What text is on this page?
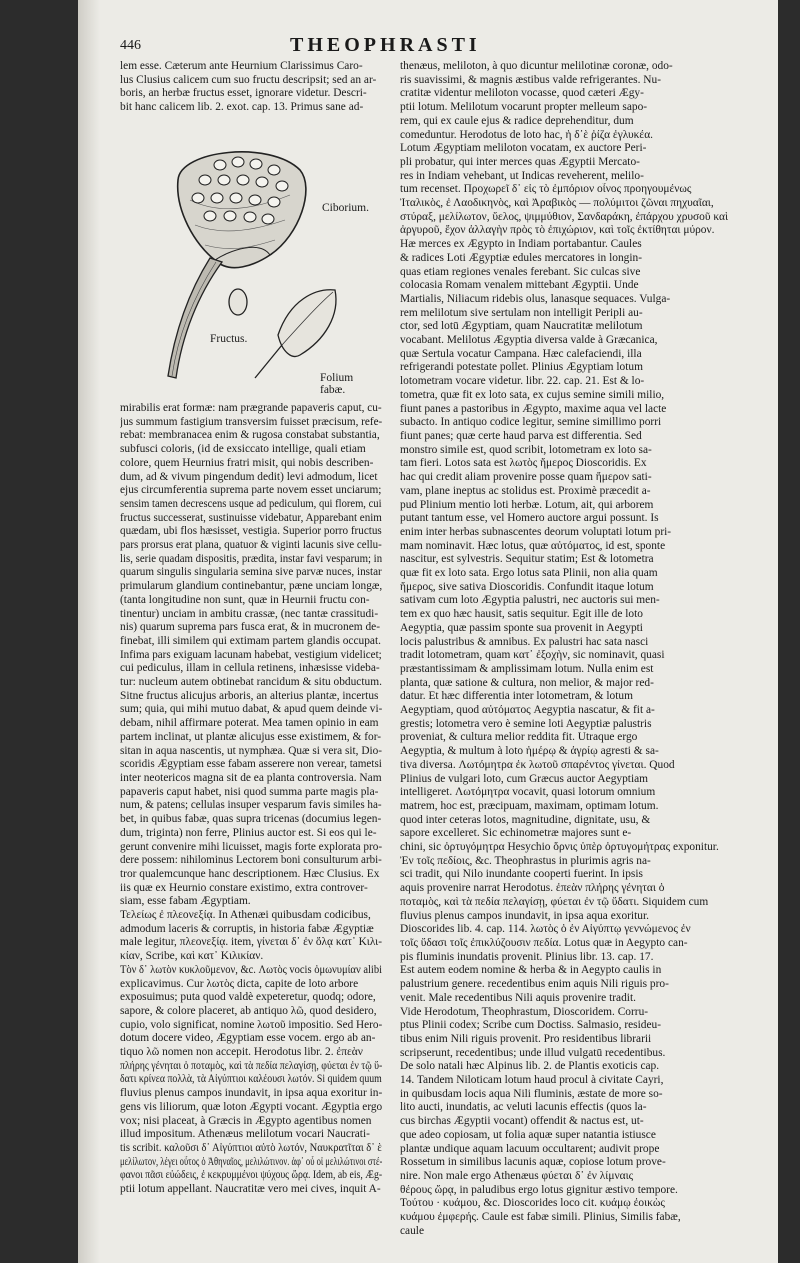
446	THEOPHRASTI
lem esse. Cæterum ante Heurnium Clarissimus Caro-
lus Clusius calicem cum suo fructu descripsit; sed an ar-
boris, an herbæ fructus esset, ignorare videtur. Descri-
bit hanc calicem lib. 2. exot. cap. 13. Primus sane ad-
Ciborium.
Fructus.
Folium fabæ.
mirabilis erat formæ: nam prægrande papaveris caput, cu-
jus summum fastigium transversim fuisset præcisum, refe-
rebat: membranacea enim & rugosa constabat substantia,
subfusci coloris, (id de exsiccato intellige, quali etiam
colore, quem Heurnius fratri misit, qui nobis describen-
dum, ad & vivum pingendum dedit) levi admodum, licet
ejus circumferentia suprema parte novem esset unciarum;
sensim tamen decrescens usque ad pediculum, qui florem, cui
fructus successerat, sustinuisse videbatur, Apparebant enim
quædam, ubi flos hæsisset, vestigia. Superior porro fructus
pars prorsus erat plana, quatuor & viginti lacunis sive cellu-
lis, serie quadam dispositis, prædita, instar favi vesparum; in
quarum singulis singularia semina sive parvæ nuces, instar
primularum glandium continebantur, pæne unciam longæ,
(tanta longitudine non sunt, quæ in Heurnii fructu con-
tinentur) unciam in ambitu crassæ, (nec tantæ crassitudi-
nis) quarum suprema pars fusca erat, & in mucronem de-
finebat, illi similem qui extimam partem glandis occupat.
Infima pars exiguam lacunam habebat, vestigium videlicet;
cui pediculus, illam in cellula retinens, inhæsisse videba-
tur: nucleum autem obtinebat rancidum & situ obductum.
Sitne fructus alicujus arboris, an alterius plantæ, incertus
sum; quia, qui mihi mutuo dabat, & apud quem deinde vi-
debam, nihil affirmare poterat. Mea tamen opinio in eam
partem inclinat, ut plantæ alicujus esse existimem, & for-
sitan in aqua nascentis, ut nymphæa. Quæ si vera sit, Dio-
scoridis Ægyptiam esse fabam asserere non verear, tametsi
inter neotericos magna sit de ea planta controversia. Nam
papaveris caput habet, nisi quod summa parte magis pla-
num, & patens; cellulas insuper vesparum favis similes ha-
bet, in quibus fabæ, quas supra tricenas (documius legen-
dum, triginta) non ferre, Plinius auctor est. Si eos qui le-
gerunt convenire mihi licuisset, magis forte explorata pro-
dere possem: nihilominus Lectorem boni consulturum arbi-
tror qualemcunque hanc descriptionem. Hæc Clusius. Ex
iis quæ ex Heurnio constare existimo, extra controver-
siam, esse fabam Ægyptiam.
Τελείως ἐ πλεονεξίᾳ. In Athenæi quibusdam codicibus,
admodum laceris & corruptis, in historia fabæ Ægyptiæ
male legitur, πλεονεξίᾳ. item, γίνεται δ᾽ ἐν ὅλᾳ κατ᾽ Κιλι-
κίαν, Scribe, καὶ κατ᾽ Κιλικίαν.
Τὸν δ᾽ λωτὸν κυκλοῦμενον, &c. Λωτὸς vocis ὁμωνυμίαν alibi
explicavimus. Cur λωτὸς dicta, capite de loto arbore
exposuimus; puta quod valdè expeteretur, quodq; odore,
sapore, & colore placeret, ab antiquo λῶ, quod desidero,
cupio, volo significat, nomine λωτοῦ impositio. Sed Hero-
dotum docere video, Ægyptiam esse vocem. ergo ab an-
tiquo λῶ nomen non accepit. Herodotus libr. 2. ἐπεὰν
πλήρης γένηται ὁ ποταμὸς, καὶ τὰ πεδία πελαγίσῃ, φύεται ἐν τῷ ὕ-
δατι κρίνεα πολλὰ, τὰ Αἰγύπτιοι καλέουσι λωτόν. Si quidem quum
fluvius plenus campos inundavit, in ipsa aqua exoritur in-
gens vis liliorum, quæ loton Ægypti vocant. Ægyptia ergo
vox; nisi placeat, à Græcis in Ægypto agentibus nomen
illud impositum. Athenæus melilotum vocari Naucrati-
tis scribit. καλοῦσι δ᾽ Αἰγύπτιοι αὐτὸ λωτόν, Ναυκρατῖται δ᾽ ὲ
μελίλωτον, λέγει οὗτος ὁ Ἀθηναῖος, μελιλώτινον. ἀφ᾽ οὗ οἱ μελιλώτινοι στέ-
φανοι πᾶσι εὐώδεις, ἐ κεκρυμμένοι ψύχους ὥρᾳ. Idem, ab eis, Æg-
ptii lotum appellant. Naucratitæ vero mei cives, inquit A-
thenæus, meliloton, à quo dicuntur melilotinæ coronæ, odo-
ris suavissimi, & magnis æstibus valde refrigerantes. Nu-
cratitæ videntur meliloton vocasse, quod cæteri Ægy-
ptii lotum. Melilotum vocarunt propter melleum sapo-
rem, qui ex caule ejus & radice deprehenditur, dum
comeduntur. Herodotus de loto hac, ἡ δ᾽ὲ ῥίζα ἐγλυκέα.
Lotum Ægyptiam meliloton vocatam, ex auctore Peri-
pli probatur, qui inter merces quas Ægyptii Mercato-
res in Indiam vehebant, ut Indicas reveherent, melilo-
tum recenset. Προχωρεῖ δ᾽ εἰς τὸ ἐμπόριον οἶνος προηγουμένως
Ἰταλικὸς, ἐ Λαοδικηνὸς, καὶ Ἀραβικὸς — πολύμιτοι ζῶναι πηχυαῖαι,
στύραξ, μελίλωτον, ὕελος, ψιμμύθιον, Σανδαράκη, ἐπάρχου χρυσοῦ καὶ
ἀργυροῦ, ἔχον ἀλλαγὴν πρὸς τὸ ἐπιχώριον, καὶ τοῖς ἐκτίθηται μύρον.
Hæ merces ex Ægypto in Indiam portabantur. Caules
& radices Loti Ægyptiæ edules mercatores in longin-
quas etiam regiones venales ferebant. Sic culcas sive
colocasia Romam venalem mittebant Ægyptii. Unde
Martialis, Niliacum ridebis olus, lanasque sequaces. Vulga-
rem melilotum sive sertulam non intelligit Peripli au-
ctor, sed lotū Ægyptiam, quam Naucratitæ melilotum
vocabant. Melilotus Ægyptia diversa valde à Græcanica,
quæ Sertula vocatur Campana. Hæc calefaciendi, illa
refrigerandi potestate pollet. Plinius Ægyptiam lotum
lotometram vocare videtur. libr. 22. cap. 21. Est & lo-
tometra, quæ fit ex loto sata, ex cujus semine simili milio,
fiunt panes a pastoribus in Ægypto, maxime aqua vel lacte
subacto. In antiquo codice legitur, semine simillimo porri
fiunt panes; quæ certe haud parva est differentia. Sed
monstro simile est, quod scribit, lotometram ex loto sa-
tam fieri. Lotos sata est λωτὸς ἥμερος Dioscoridis. Ex
hac qui credit aliam provenire posse quam ἥμερον sati-
vam, plane ineptus ac stolidus est. Proximè præcedit a-
pud Plinium mentio loti herbæ. Lotum, ait, qui arborem
putant tantum esse, vel Homero auctore argui possunt. Is
enim inter herbas subnascentes deorum voluptati lotum pri-
mam nominavit. Hæc lotus, quæ αὐτόματος, id est, sponte
nascitur, est sylvestris. Sequitur statim; Est & lotometra
quæ fit ex loto sata. Ergo lotus sata Plinii, non alia quam
ἥμερος, sive sativa Dioscoridis. Confundit itaque lotum
sativam cum loto Ægyptia palustri, nec auctoris sui men-
tem ex quo hæc hausit, satis sequitur. Egit ille de loto
Aegyptia, quæ passim sponte sua provenit in Aegypti
locis palustribus & amnibus. Ex palustri hac sata nasci
tradit lotometram, quam κατ᾽ ἐξοχὴν, sic nominavit, quasi
præstantissimam & amplissimam lotum. Nulla enim est
planta, quæ satione & cultura, non melior, & major red-
datur. Et hæc differentia inter lotometram, & lotum
Aegyptiam, quod αὐτόματος Aegyptia nascatur, & fit a-
grestis; lotometra vero è semine loti Aegyptiæ palustris
proveniat, & cultura melior reddita fit. Utraque ergo
Aegyptia, & multum à loto ἡμέρῳ & ἀγρίῳ agresti & sa-
tiva diversa. Λωτόμητρα ἐκ λωτοῦ σπαρέντος γίνεται. Quod
Plinius de vulgari loto, cum Græcus auctor Aegyptiam
intelligeret. Λωτόμητρα vocavit, quasi lotorum omnium
matrem, hoc est, præcipuam, maximam, optimam lotum.
quod inter ceteras lotos, magnitudine, dignitate, usu, &
sapore excelleret. Sic echinometræ majores sunt e-
chini, sic ὀρτυγόμητρα Hesychio ὄρνις ὑπὲρ ὀρτυγομήτρας exponitur.
Ἐν τοῖς πεδίοις, &c. Theophrastus in plurimis agris na-
sci tradit, qui Nilo inundante cooperti fuerint. In ipsis
aquis provenire narrat Herodotus. ἐπεὰν πλήρης γένηται ὁ
ποταμὸς, καὶ τὰ πεδία πελαγίσῃ, φύεται ἐν τῷ ὕδατι. Siquidem cum
fluvius plenus campos inundavit, in ipsa aqua exoritur.
Dioscorides lib. 4. cap. 114. λωτὸς ὁ ἐν Αἰγύπτῳ γεννώμενος ἐν
τοῖς ὕδασι τοῖς ἐπικλύζουσιν πεδία. Lotus quæ in Aegypto can-
pis fluminis inundatis provenit. Plinius libr. 13. cap. 17.
Est autem eodem nomine & herba & in Aegypto caulis in
palustrium genere. recedentibus enim aquis Nili riguis pro-
venit. Male recedentibus Nili aquis provenire tradit.
Vide Herodotum, Theophrastum, Dioscoridem. Corru-
ptus Plinii codex; Scribe cum Doctiss. Salmasio, resideu-
tibus enim Nili riguis provenit. Pro residentibus librarii
scripserunt, recedentibus; unde illud vulgatū recedentibus.
De solo natali hæc Alpinus lib. 2. de Plantis exoticis cap.
14. Tandem Niloticam lotum haud procul à civitate Cayri,
in quibusdam locis aqua Nili fluminis, æstate de more so-
lito aucti, inundatis, ac veluti lacunis effectis (quos la-
cus birchas Ægyptii vocant) offendit & nactus est, ut-
que adeo copiosam, ut folia aquæ super natantia istiusce
plantæ undique aquam lacuum occultarent; audivit prope
Rossetum in similibus lacunis aquæ, copiose lotum prove-
nire. Non male ergo Athenæus φύεται δ᾽ ἐν λίμναις
θέρους ὥρᾳ, in paludibus ergo lotus gignitur æstivo tempore.
Τούτου · κυάμου, &c. Dioscorides loco cit. κυάμῳ ἐοικὼς
κυάμου ἐμφερής. Caule est fabæ simili. Plinius, Similis fabæ,
caule
